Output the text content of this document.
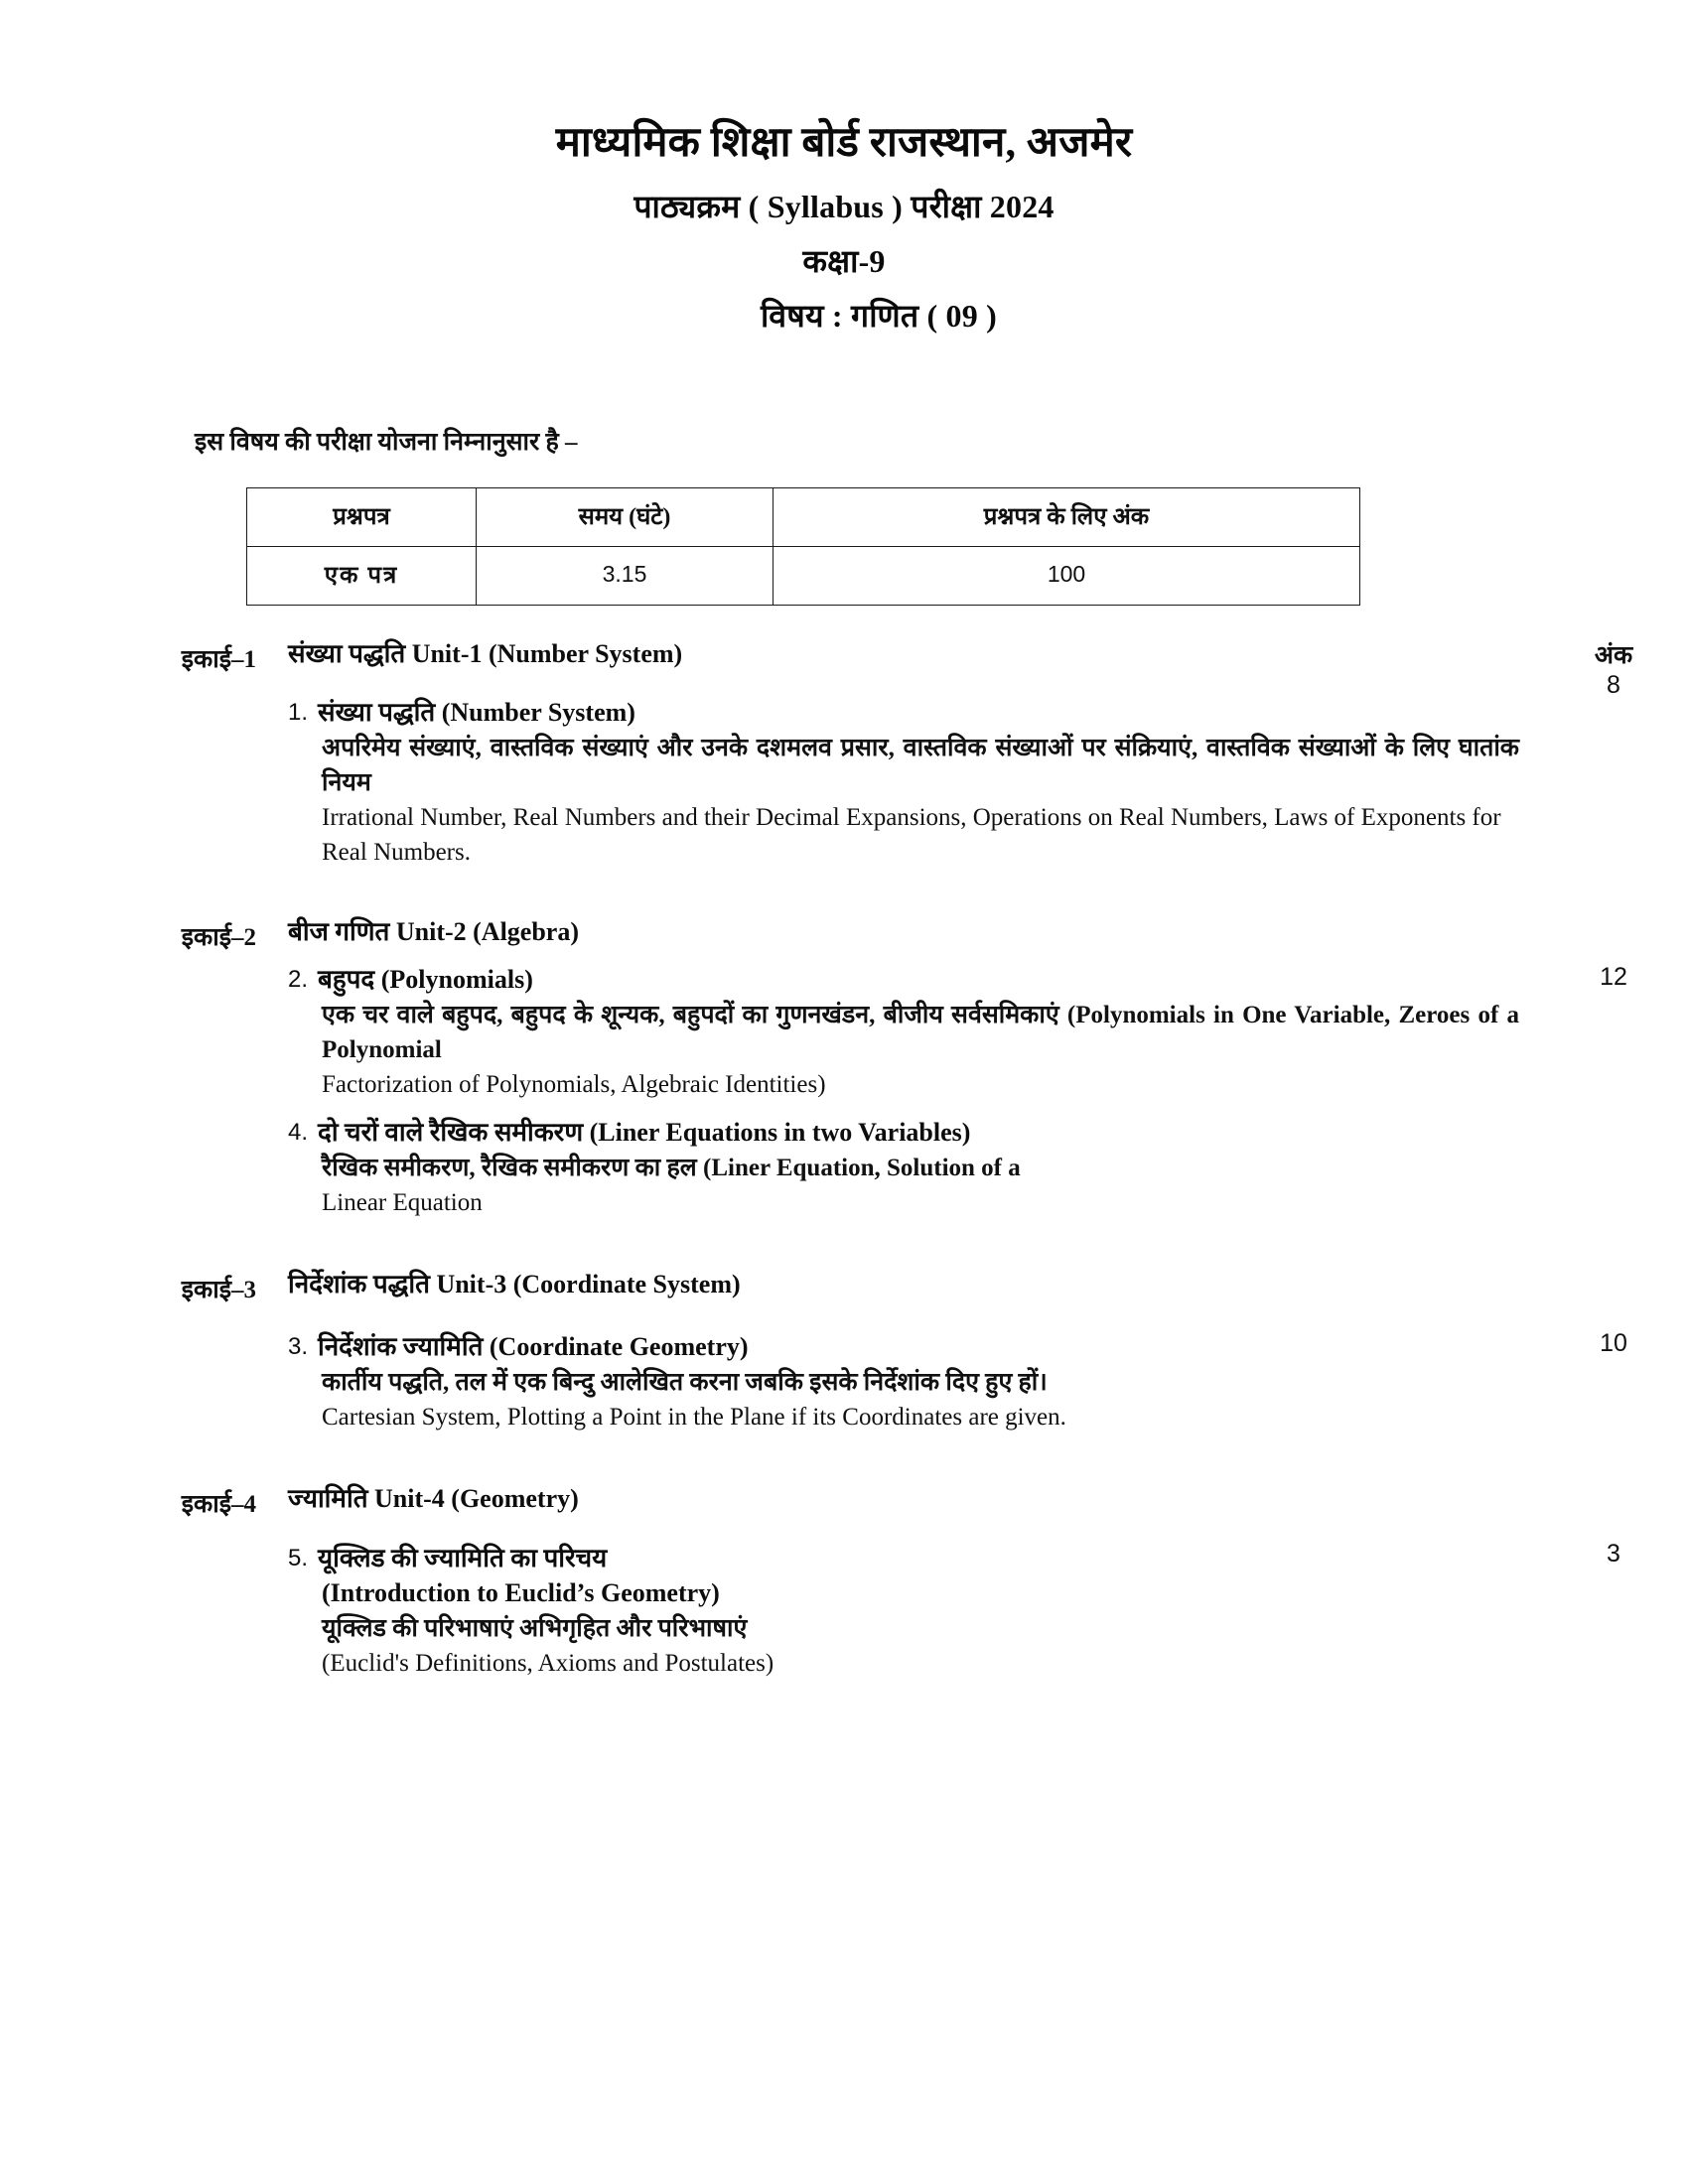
माध्यमिक शिक्षा बोर्ड राजस्थान, अजमेर
पाठ्यक्रम ( Syllabus ) परीक्षा 2024
कक्षा-9
विषय : गणित ( 09 )
इस विषय की परीक्षा योजना निम्नानुसार है –
प्रश्नपत्र	समय (घंटे)	प्रश्नपत्र के लिए अंक
एक पत्र	3.15	100
इकाई–1	अंक
8
संख्या पद्धति Unit-1 (Number System)
1. संख्या पद्धति (Number System)

अपरिमेय संख्याएं, वास्तविक संख्याएं और उनके दशमलव प्रसार, वास्तविक संख्याओं पर संक्रियाएं, वास्तविक संख्याओं के लिए घातांक नियम

Irrational Number, Real Numbers and their Decimal Expansions, Operations on Real Numbers, Laws of Exponents for Real Numbers.

इकाई–2
12
बीज गणित Unit-2 (Algebra)
2. बहुपद (Polynomials)

एक चर वाले बहुपद, बहुपद के शून्यक, बहुपदों का गुणनखंडन, बीजीय सर्वसमिकाएं (Polynomials in One Variable, Zeroes of a Polynomial

Factorization of Polynomials, Algebraic Identities)

4. दो चरों वाले रैखिक समीकरण (Liner Equations in two Variables)

रैखिक समीकरण, रैखिक समीकरण का हल (Liner Equation, Solution of a

Linear Equation

इकाई–3
10
निर्देशांक पद्धति Unit-3 (Coordinate System)
3. निर्देशांक ज्यामिति (Coordinate Geometry)

कार्तीय पद्धति, तल में एक बिन्दु आलेखित करना जबकि इसके निर्देशांक दिए हुए हों।

Cartesian System, Plotting a Point in the Plane if its Coordinates are given.

इकाई–4
3
ज्यामिति Unit-4 (Geometry)
5. यूक्लिड की ज्यामिति का परिचय
(Introduction to Euclid’s Geometry)

यूक्लिड की परिभाषाएं अभिगृहित और परिभाषाएं

(Euclid's Definitions, Axioms and Postulates)
